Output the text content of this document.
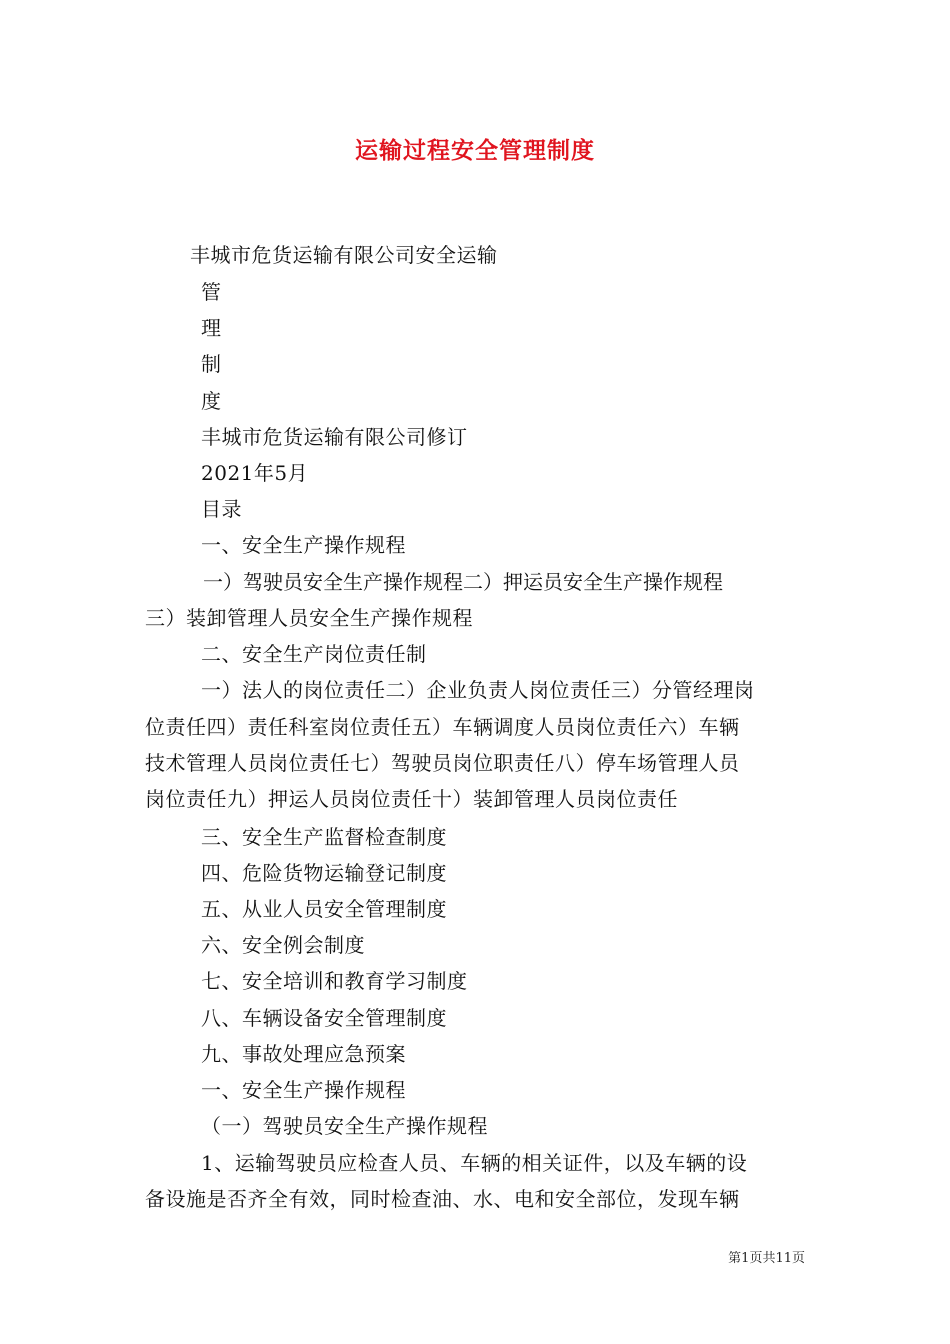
运输过程安全管理制度
丰城市危货运输有限公司安全运输
管
理
制
度
丰城市危货运输有限公司修订
2021年5月
目录
一、安全生产操作规程
一）驾驶员安全生产操作规程二）押运员安全生产操作规程
三）装卸管理人员安全生产操作规程
二、安全生产岗位责任制
一）法人的岗位责任二）企业负责人岗位责任三）分管经理岗
位责任四）责任科室岗位责任五）车辆调度人员岗位责任六）车辆
技术管理人员岗位责任七）驾驶员岗位职责任八）停车场管理人员
岗位责任九）押运人员岗位责任十）装卸管理人员岗位责任
三、安全生产监督检查制度
四、危险货物运输登记制度
五、从业人员安全管理制度
六、安全例会制度
七、安全培训和教育学习制度
八、车辆设备安全管理制度
九、事故处理应急预案
一、安全生产操作规程
（一）驾驶员安全生产操作规程
1、运输驾驶员应检查人员、车辆的相关证件，以及车辆的设
备设施是否齐全有效，同时检查油、水、电和安全部位，发现车辆
第1页共11页
